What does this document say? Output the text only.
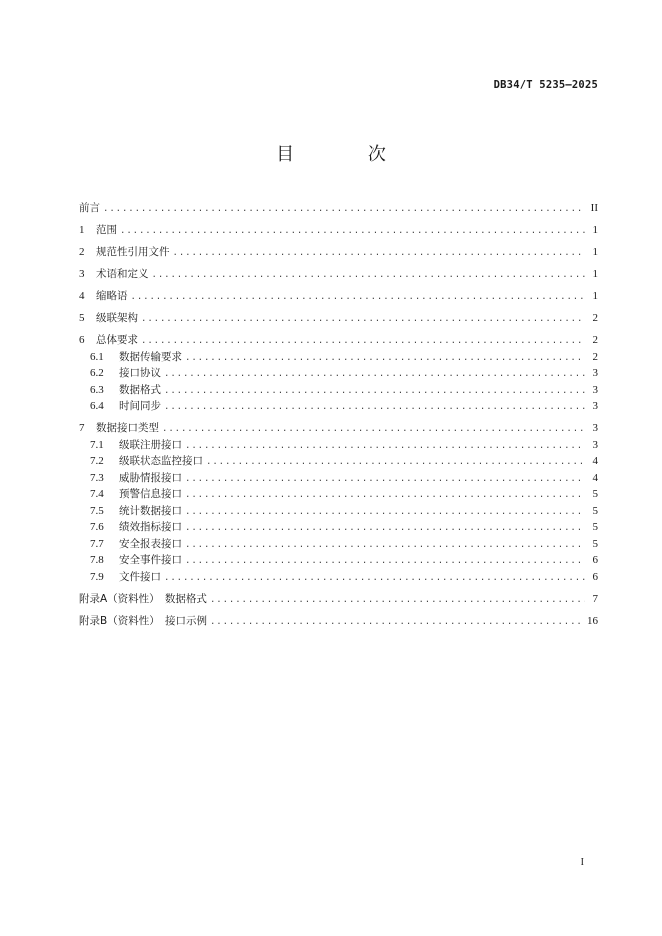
DB34/T 5235—2025
目 次
前言 .....	II
1	范围 .....	1
2	规范性引用文件 .....	1
3	术语和定义 .....	1
4	缩略语 .....	1
5	级联架构 .....	2
6	总体要求 .....	2
6.1	数据传输要求 .....	2
6.2	接口协议 .....	3
6.3	数据格式 .....	3
6.4	时间同步 .....	3
7	数据接口类型 .....	3
7.1	级联注册接口 .....	3
7.2	级联状态监控接口 .....	4
7.3	威胁情报接口 .....	4
7.4	预警信息接口 .....	5
7.5	统计数据接口 .....	5
7.6	绩效指标接口 .....	5
7.7	安全报表接口 .....	5
7.8	安全事件接口 .....	6
7.9	文件接口 .....	6
附录A（资料性）　数据格式 .....	7
附录B（资料性）　接口示例 .....	16
I
